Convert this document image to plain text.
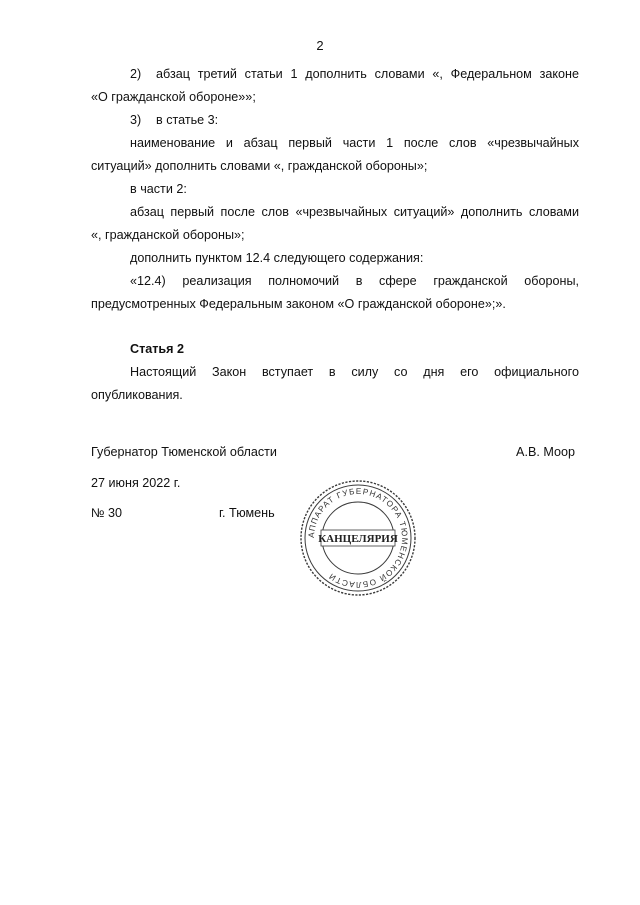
2
2) абзац третий статьи 1 дополнить словами «, Федеральном законе
«О гражданской обороне»»;
3) в статье 3:
наименование и абзац первый части 1 после слов «чрезвычайных
ситуаций» дополнить словами «, гражданской обороны»;
в части 2:
абзац первый после слов «чрезвычайных ситуаций» дополнить словами
«, гражданской обороны»;
дополнить пунктом 12.4 следующего содержания:
«12.4) реализация полномочий в сфере гражданской обороны,
предусмотренных Федеральным законом «О гражданской обороне»;».
Статья 2
Настоящий Закон вступает в силу со дня его официального
опубликования.
Губернатор Тюменской области	А.В. Моор
27 июня 2022 г.
№ 30	г. Тюмень
АППАРАТ ГУБЕРНАТОРА ТЮМЕНСКОЙ ОБЛАСТИ
КАНЦЕЛЯРИЯ
